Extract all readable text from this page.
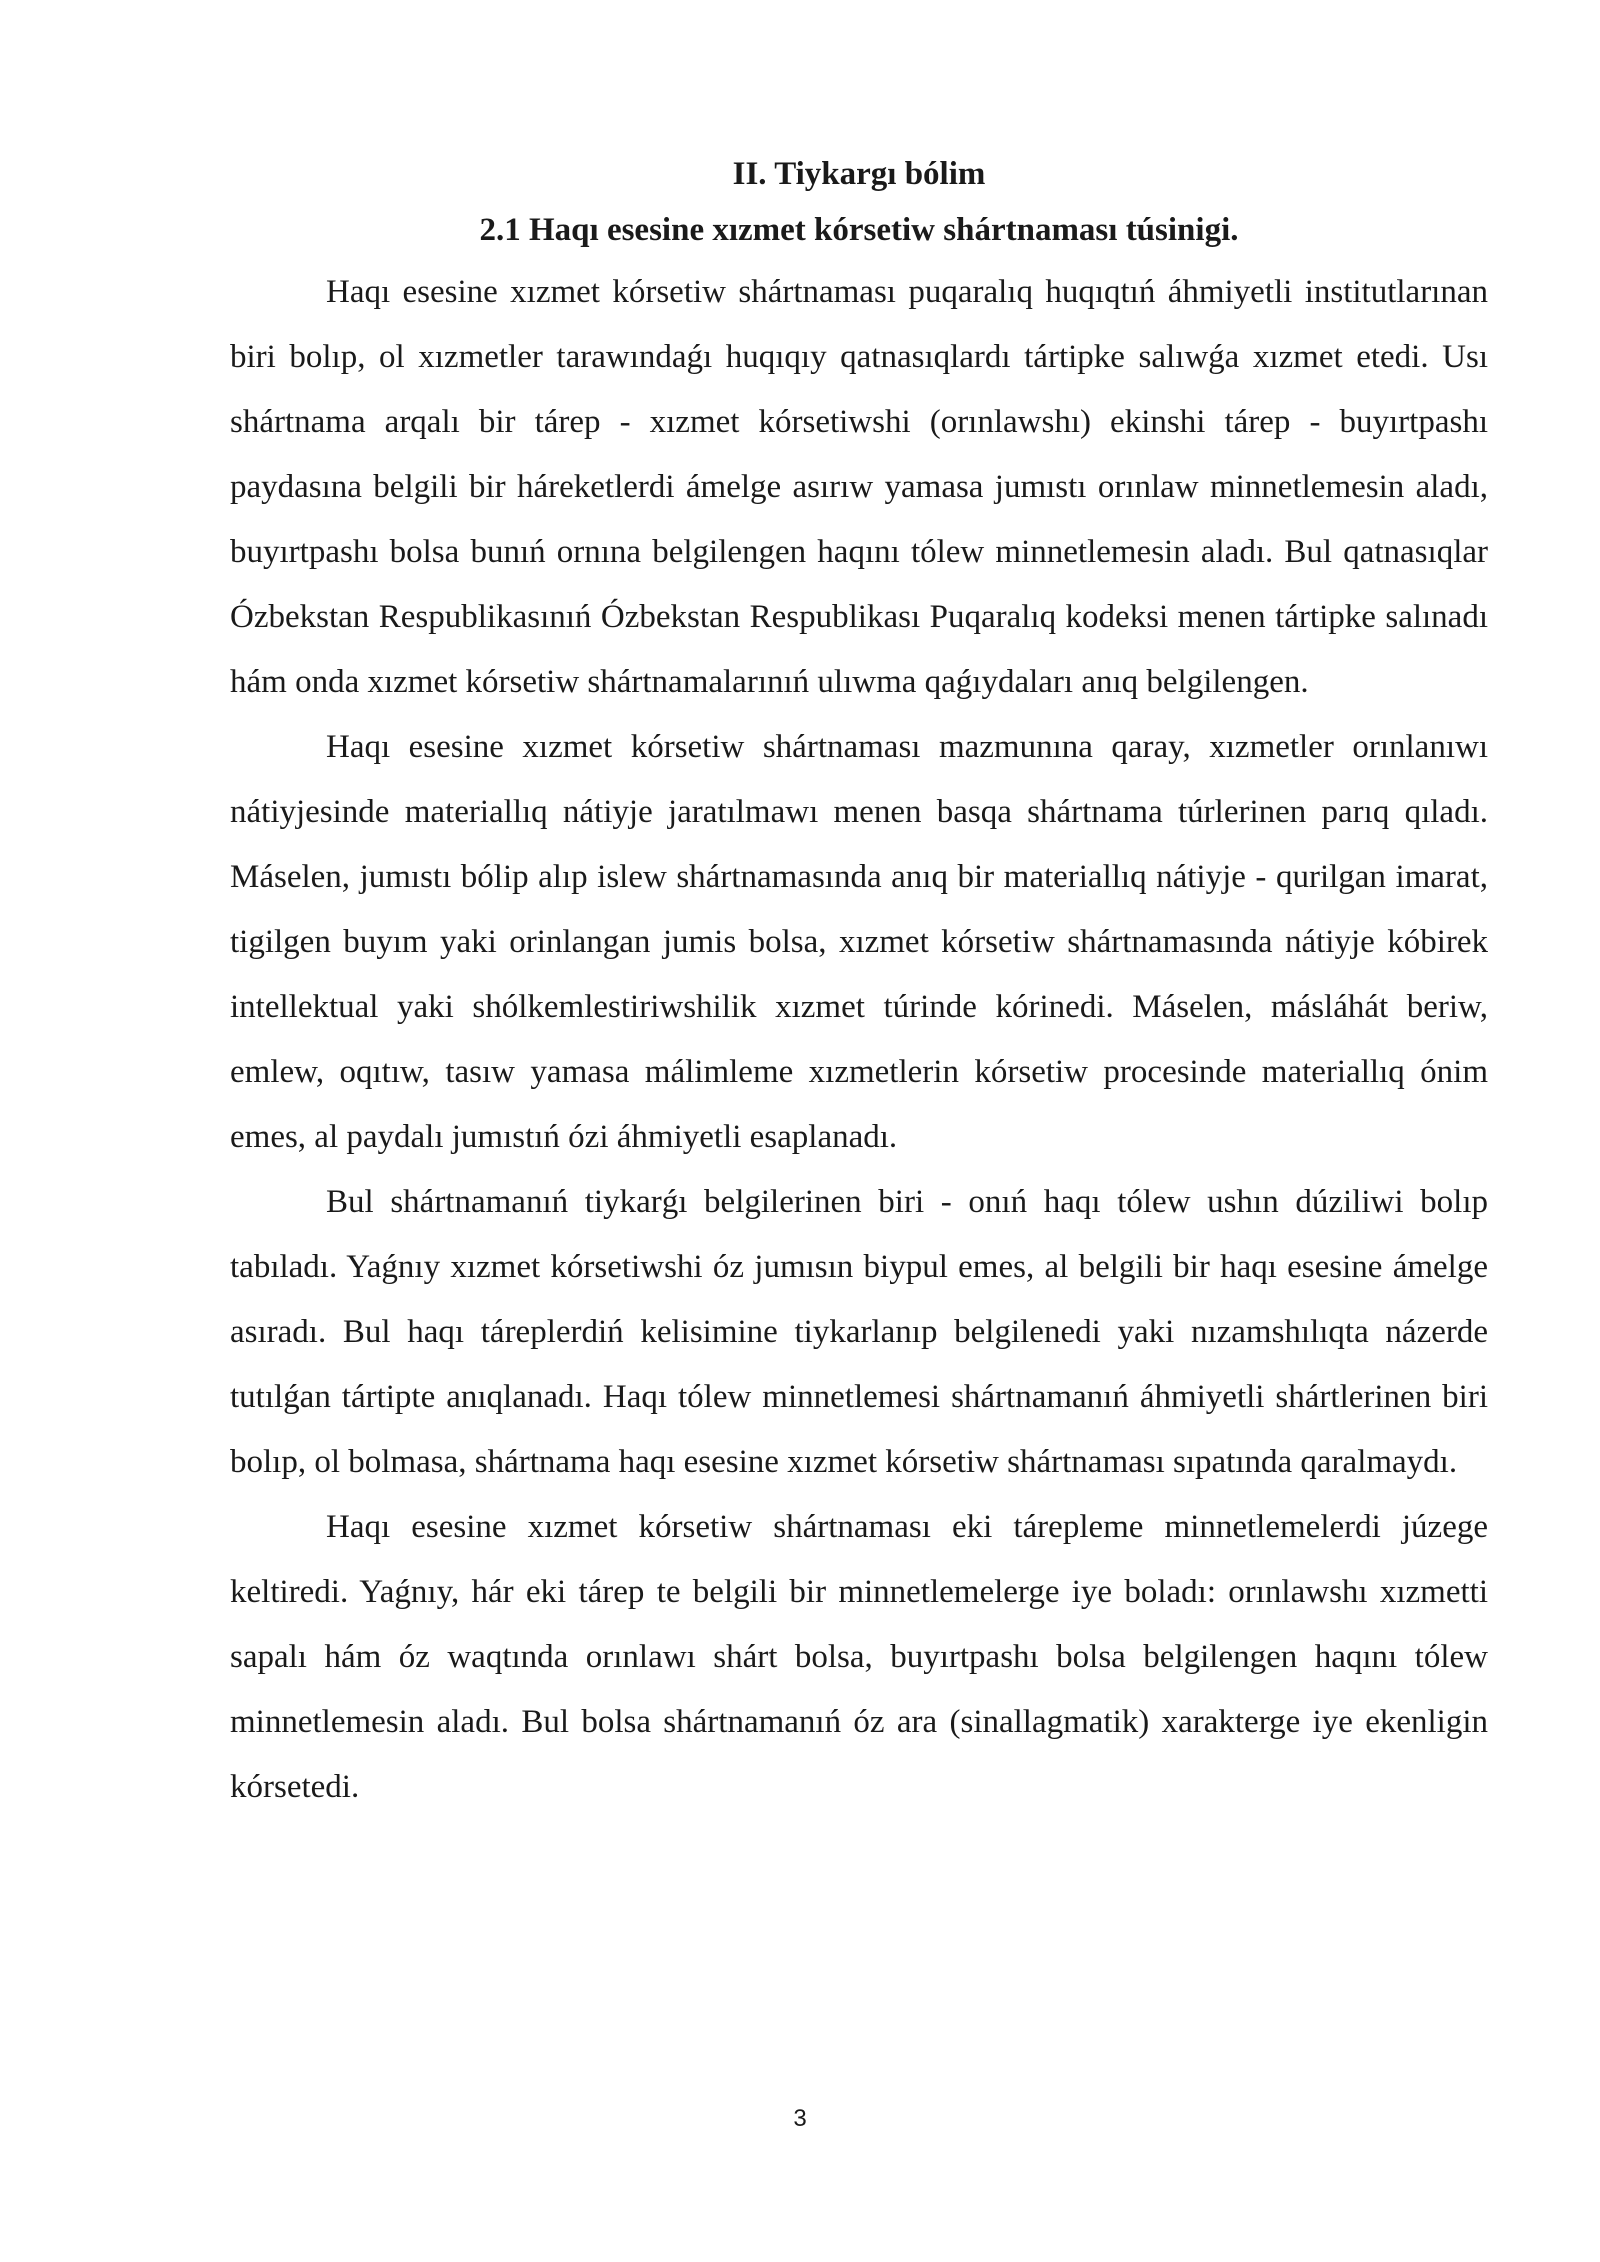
II. Tiykargı bólim
2.1 Haqı esesine xızmet kórsetiw shártnaması túsinigi.

Haqı esesine xızmet kórsetiw shártnaması puqaralıq huqıqtıń áhmiyetli institutlarınan biri bolıp, ol xızmetler tarawındaǵı huqıqıy qatnasıqlardı tártipke salıwǵa xızmet etedi. Usı shártnama arqalı bir tárep - xızmet kórsetiwshi (orınlawshı) ekinshi tárep - buyırtpashı paydasına belgili bir háreketlerdi ámelge asırıw yamasa jumıstı orınlaw minnetlemesin aladı, buyırtpashı bolsa bunıń ornına belgilengen haqını tólew minnetlemesin aladı. Bul qatnasıqlar Ózbekstan Respublikasınıń Ózbekstan Respublikası Puqaralıq kodeksi menen tártipke salınadı hám onda xızmet kórsetiw shártnamalarınıń ulıwma qaǵıydaları anıq belgilengen.

Haqı esesine xızmet kórsetiw shártnaması mazmunına qaray, xızmetler orınlanıwı nátiyjesinde materiallıq nátiyje jaratılmawı menen basqa shártnama túrlerinen parıq qıladı. Máselen, jumıstı bólip alıp islew shártnamasında anıq bir materiallıq nátiyje - qurilgan imarat, tigilgen buyım yaki orinlangan jumis bolsa, xızmet kórsetiw shártnamasında nátiyje kóbirek intellektual yaki shólkemlestiriwshilik xızmet túrinde kórinedi. Máselen, másláhát beriw, emlew, oqıtıw, tasıw yamasa málimleme xızmetlerin kórsetiw procesinde materiallıq ónim emes, al paydalı jumıstıń ózi áhmiyetli esaplanadı.

Bul shártnamanıń tiykarǵı belgilerinen biri - onıń haqı tólew ushın dúziliwi bolıp tabıladı. Yaǵnıy xızmet kórsetiwshi óz jumısın biypul emes, al belgili bir haqı esesine ámelge asıradı. Bul haqı táreplerdiń kelisimine tiykarlanıp belgilenedi yaki nızamshılıqta názerde tutılǵan tártipte anıqlanadı. Haqı tólew minnetlemesi shártnamanıń áhmiyetli shártlerinen biri bolıp, ol bolmasa, shártnama haqı esesine xızmet kórsetiw shártnaması sıpatında qaralmaydı.

Haqı esesine xızmet kórsetiw shártnaması eki tárepleme minnetlemelerdi júzege keltiredi. Yaǵnıy, hár eki tárep te belgili bir minnetlemelerge iye boladı: orınlawshı xızmetti sapalı hám óz waqtında orınlawı shárt bolsa, buyırtpashı bolsa belgilengen haqını tólew minnetlemesin aladı. Bul bolsa shártnamanıń óz ara (sinallagmatik) xarakterge iye ekenligin kórsetedi.

3
